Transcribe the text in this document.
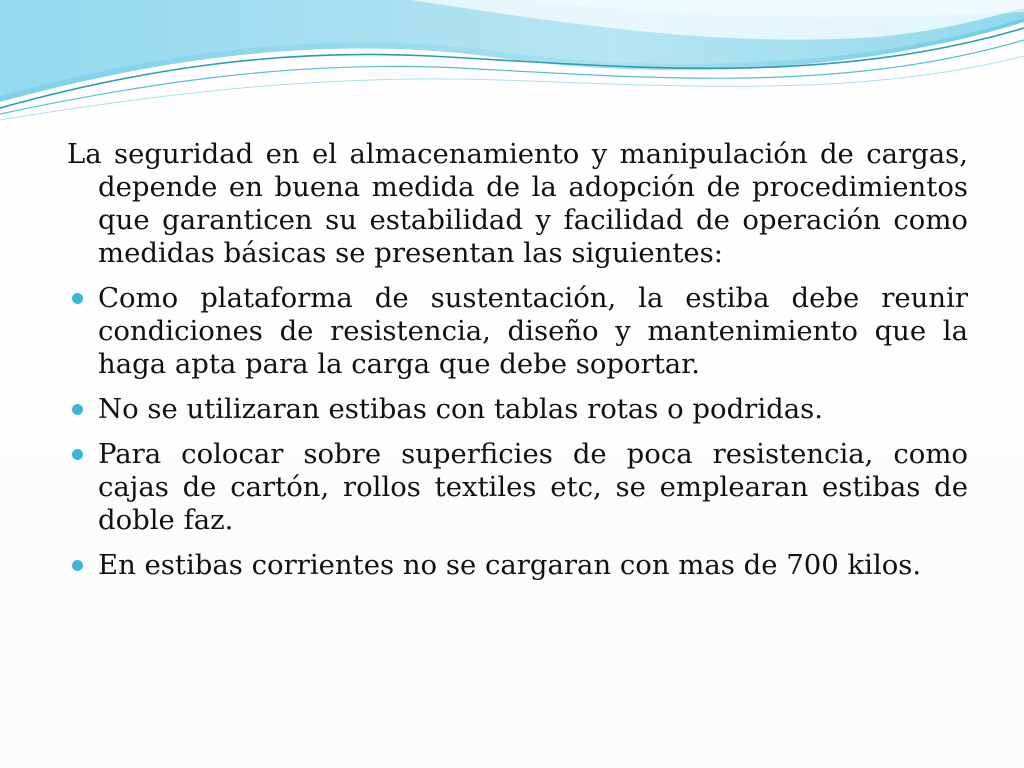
La seguridad en el almacenamiento y manipulación de cargas, depende en buena medida de la adopción de procedimientos que garanticen su estabilidad y facilidad de operación como medidas básicas se presentan las siguientes:

Como plataforma de sustentación, la estiba debe reunir condiciones de resistencia, diseño y mantenimiento que la haga apta para la carga que debe soportar.
No se utilizaran estibas con tablas rotas o podridas.
Para colocar sobre superficies de poca resistencia, como cajas de cartón, rollos textiles etc, se emplearan estibas de doble faz.
En estibas corrientes no se cargaran con mas de 700 kilos.
